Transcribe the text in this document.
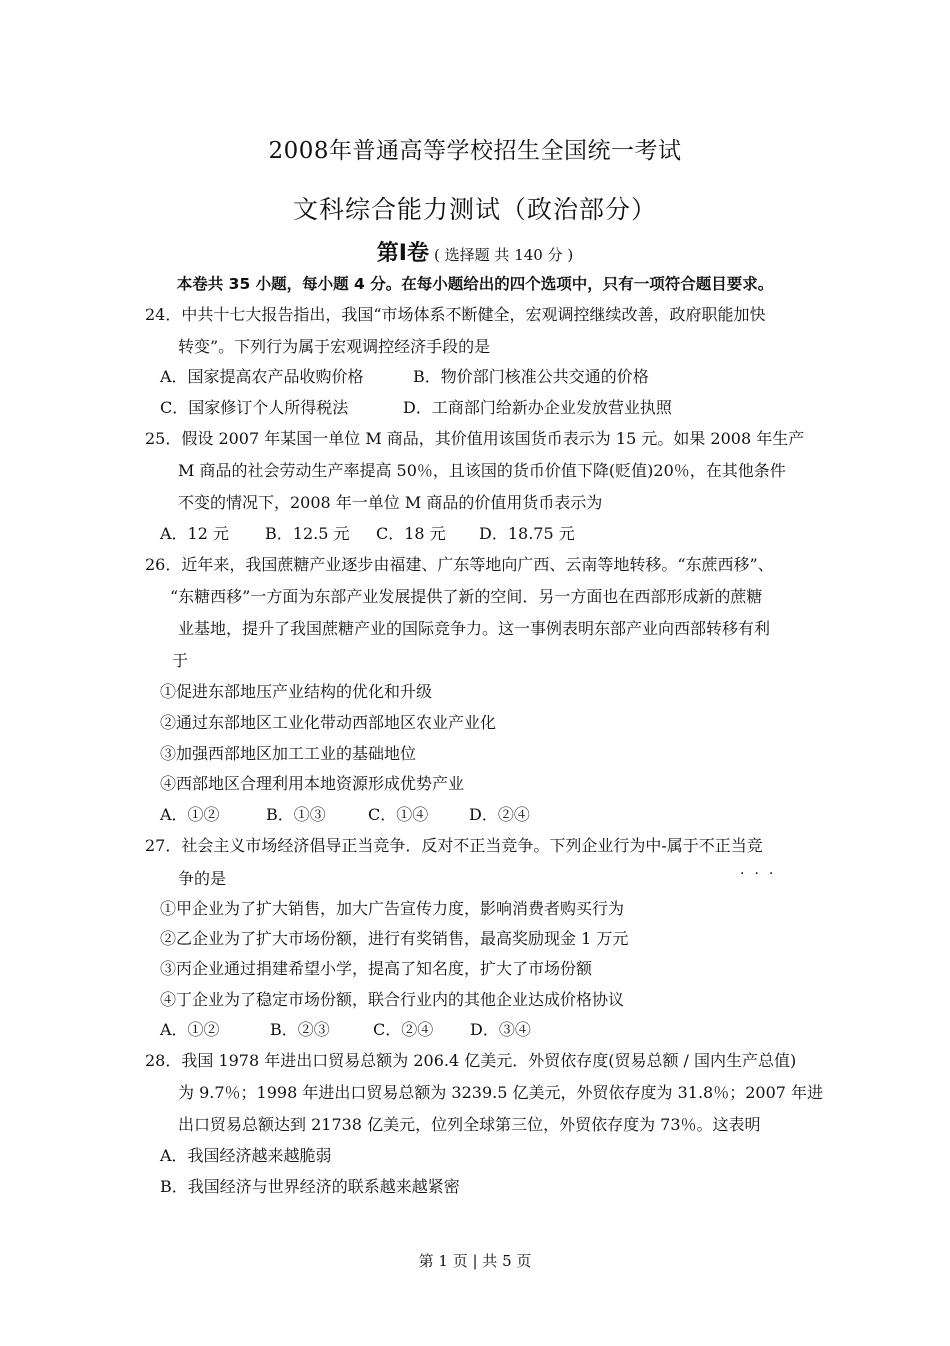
2008年普通高等学校招生全国统一考试
文科综合能力测试（政治部分）
第Ⅰ卷 ( 选择题 共 140 分 )
本卷共 35 小题，每小题 4 分。在每小题给出的四个选项中，只有一项符合题目要求。
24．中共十七大报告指出，我国“市场体系不断健全，宏观调控继续改善，政府职能加快
转变”。下列行为属于宏观调控经济手段的是
A．国家提高农产品收购价格	B．物价部门核准公共交通的价格
C．国家修订个人所得税法	D．工商部门给新办企业发放营业执照
25．假设 2007 年某国一单位 M 商品，其价值用该国货币表示为 15 元。如果 2008 年生产
M 商品的社会劳动生产率提高 50％，且该国的货币价值下降(贬值)20％，在其他条件
不变的情况下，2008 年一单位 M 商品的价值用货币表示为
A．12 元 B．12.5 元 C．18 元 D．18.75 元
26．近年来，我国蔗糖产业逐步由福建、广东等地向广西、云南等地转移。“东蔗西移”、
“东糖西移”一方面为东部产业发展提供了新的空间．另一方面也在西部形成新的蔗糖
业基地，提升了我国蔗糖产业的国际竞争力。这一事例表明东部产业向西部转移有利
于
①促进东部地压产业结构的优化和升级
②通过东部地区工业化带动西部地区农业产业化
③加强西部地区加工工业的基础地位
④西部地区合理利用本地资源形成优势产业
A．①②	B．①③	C．①④	D．②④
27．社会主义市场经济倡导正当竞争．反对不正当竞争。下列企业行为中-属于不正当竞
···
争的是
①甲企业为了扩大销售，加大广告宣传力度，影响消费者购买行为
②乙企业为了扩大市场份额，进行有奖销售，最高奖励现金 1 万元
③丙企业通过捐建希望小学，提高了知名度，扩大了市场份额
④丁企业为了稳定市场份额，联合行业内的其他企业达成价格协议
A．①②	B．②③	C．②④ D．③④
28．我国 1978 年进出口贸易总额为 206.4 亿美元．外贸依存度(贸易总额 / 国内生产总值)
为 9.7％；1998 年进出口贸易总额为 3239.5 亿美元，外贸依存度为 31.8％；2007 年进
出口贸易总额达到 21738 亿美元，位列全球第三位，外贸依存度为 73％。这表明
A．我国经济越来越脆弱
B．我国经济与世界经济的联系越来越紧密
第 1 页 | 共 5 页
